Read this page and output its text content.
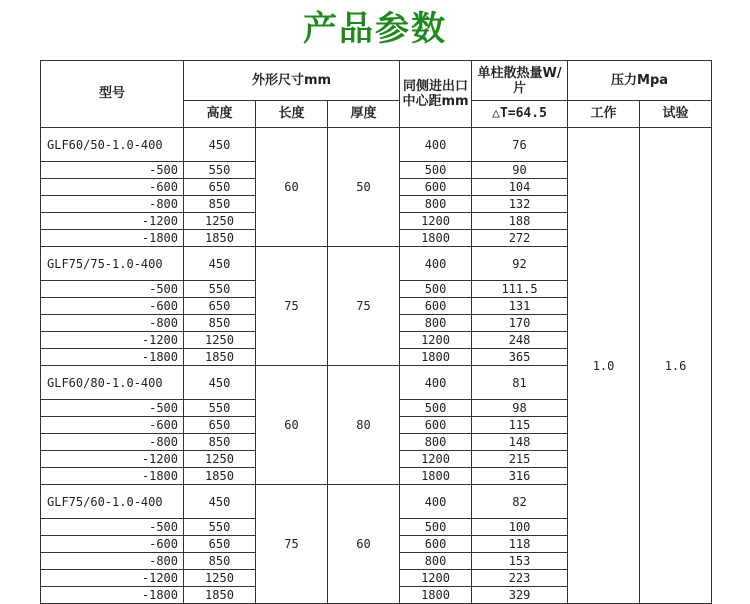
产品参数
型号	外形尺寸mm			同侧进出口中心距mm	单柱散热量W/片	压力Mpa	
	高度	长度	厚度		△T=64.5	工作	试验
GLF60/50-1.0-400	450	60	50	400	76	1.0	1.6
-500	550			500	90		
-600	650			600	104		
-800	850			800	132		
-1200	1250			1200	188		
-1800	1850			1800	272		
GLF75/75-1.0-400	450	75	75	400	92		
-500	550			500	111.5		
-600	650			600	131		
-800	850			800	170		
-1200	1250			1200	248		
-1800	1850			1800	365		
GLF60/80-1.0-400	450	60	80	400	81		
-500	550			500	98		
-600	650			600	115		
-800	850			800	148		
-1200	1250			1200	215		
-1800	1850			1800	316		
GLF75/60-1.0-400	450	75	60	400	82		
-500	550			500	100		
-600	650			600	118		
-800	850			800	153		
-1200	1250			1200	223		
-1800	1850			1800	329		
